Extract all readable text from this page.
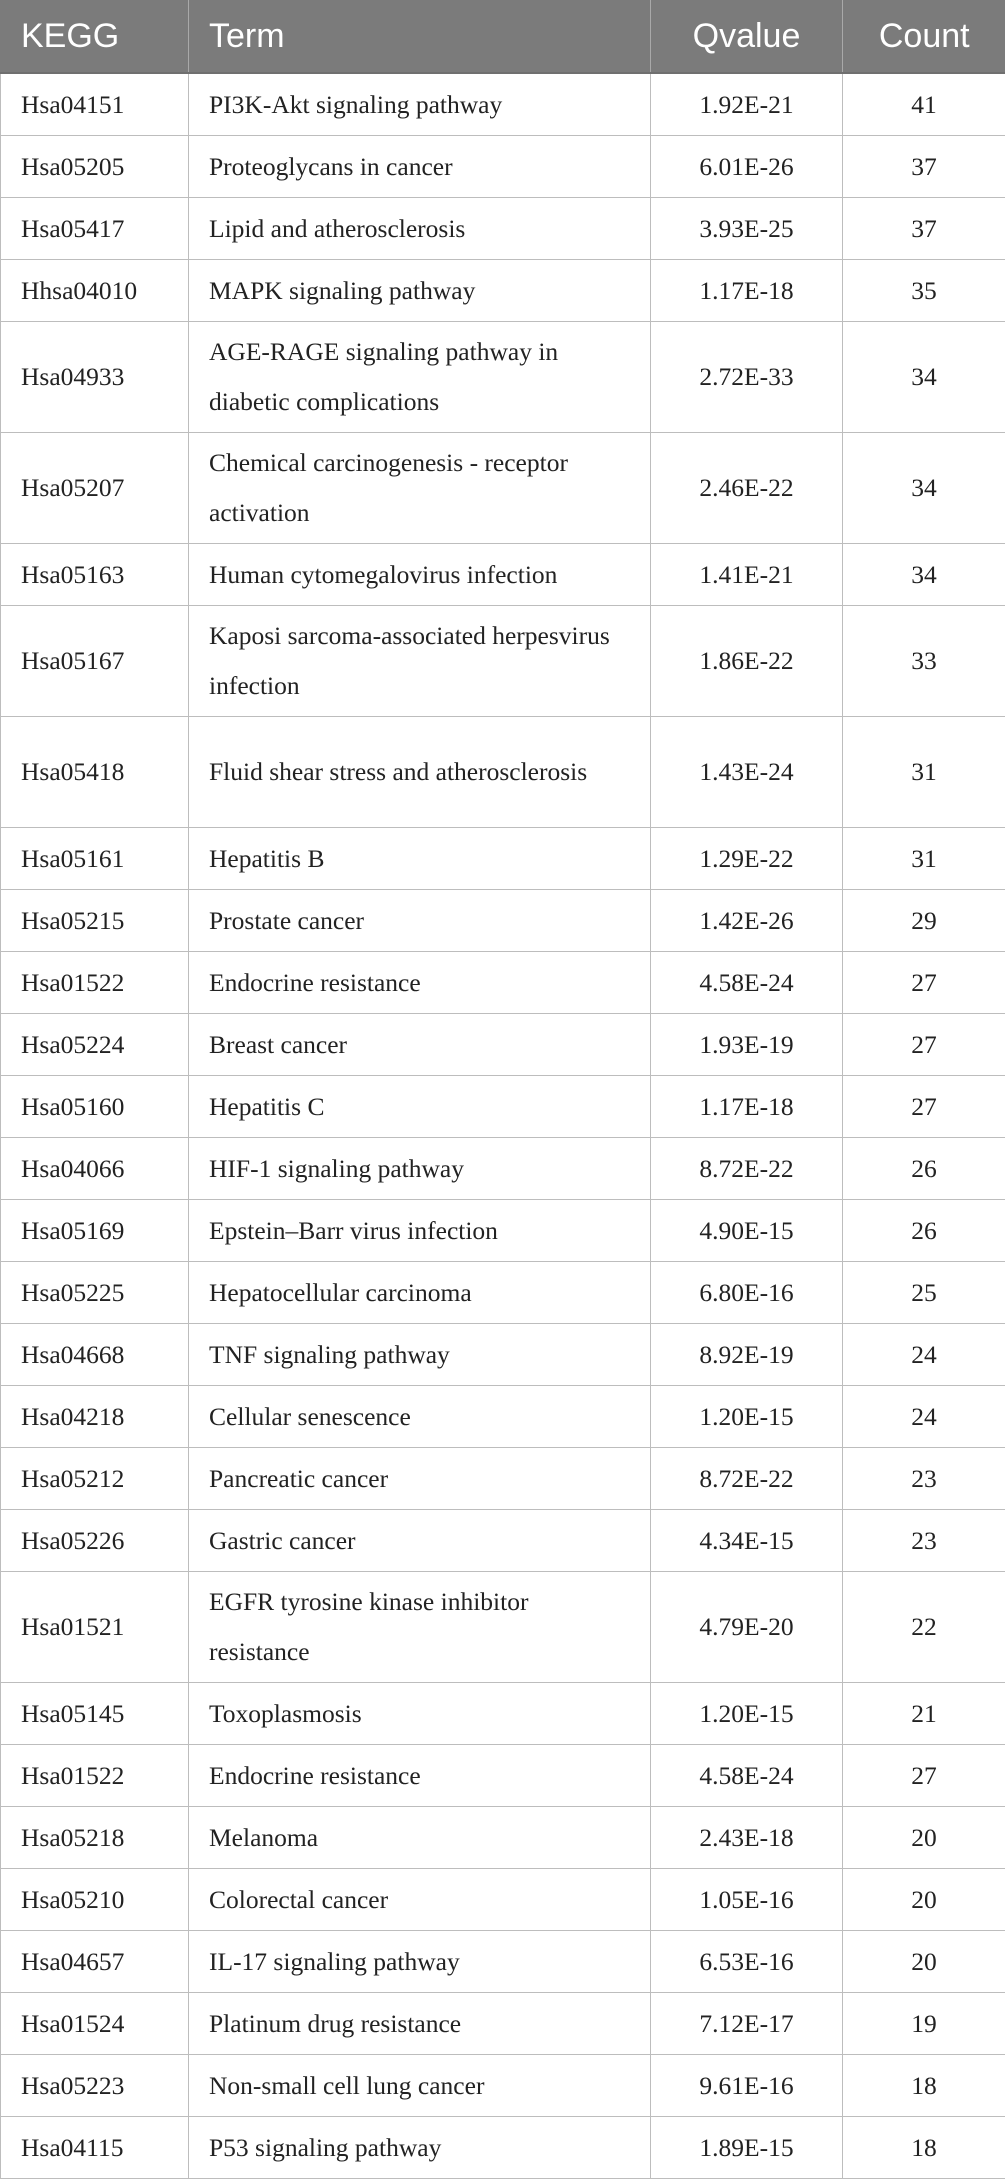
KEGG	Term	Qvalue	Count
Hsa04151	PI3K-Akt signaling pathway	1.92E-21	41
Hsa05205	Proteoglycans in cancer	6.01E-26	37
Hsa05417	Lipid and atherosclerosis	3.93E-25	37
Hhsa04010	MAPK signaling pathway	1.17E-18	35
Hsa04933	AGE-RAGE signaling pathway in diabetic complications	2.72E-33	34
Hsa05207	Chemical carcinogenesis - receptor activation	2.46E-22	34
Hsa05163	Human cytomegalovirus infection	1.41E-21	34
Hsa05167	Kaposi sarcoma-associated herpesvirus infection	1.86E-22	33
Hsa05418	Fluid shear stress and atherosclerosis	1.43E-24	31
Hsa05161	Hepatitis B	1.29E-22	31
Hsa05215	Prostate cancer	1.42E-26	29
Hsa01522	Endocrine resistance	4.58E-24	27
Hsa05224	Breast cancer	1.93E-19	27
Hsa05160	Hepatitis C	1.17E-18	27
Hsa04066	HIF-1 signaling pathway	8.72E-22	26
Hsa05169	Epstein–Barr virus infection	4.90E-15	26
Hsa05225	Hepatocellular carcinoma	6.80E-16	25
Hsa04668	TNF signaling pathway	8.92E-19	24
Hsa04218	Cellular senescence	1.20E-15	24
Hsa05212	Pancreatic cancer	8.72E-22	23
Hsa05226	Gastric cancer	4.34E-15	23
Hsa01521	EGFR tyrosine kinase inhibitor resistance	4.79E-20	22
Hsa05145	Toxoplasmosis	1.20E-15	21
Hsa01522	Endocrine resistance	4.58E-24	27
Hsa05218	Melanoma	2.43E-18	20
Hsa05210	Colorectal cancer	1.05E-16	20
Hsa04657	IL-17 signaling pathway	6.53E-16	20
Hsa01524	Platinum drug resistance	7.12E-17	19
Hsa05223	Non-small cell lung cancer	9.61E-16	18
Hsa04115	P53 signaling pathway	1.89E-15	18
